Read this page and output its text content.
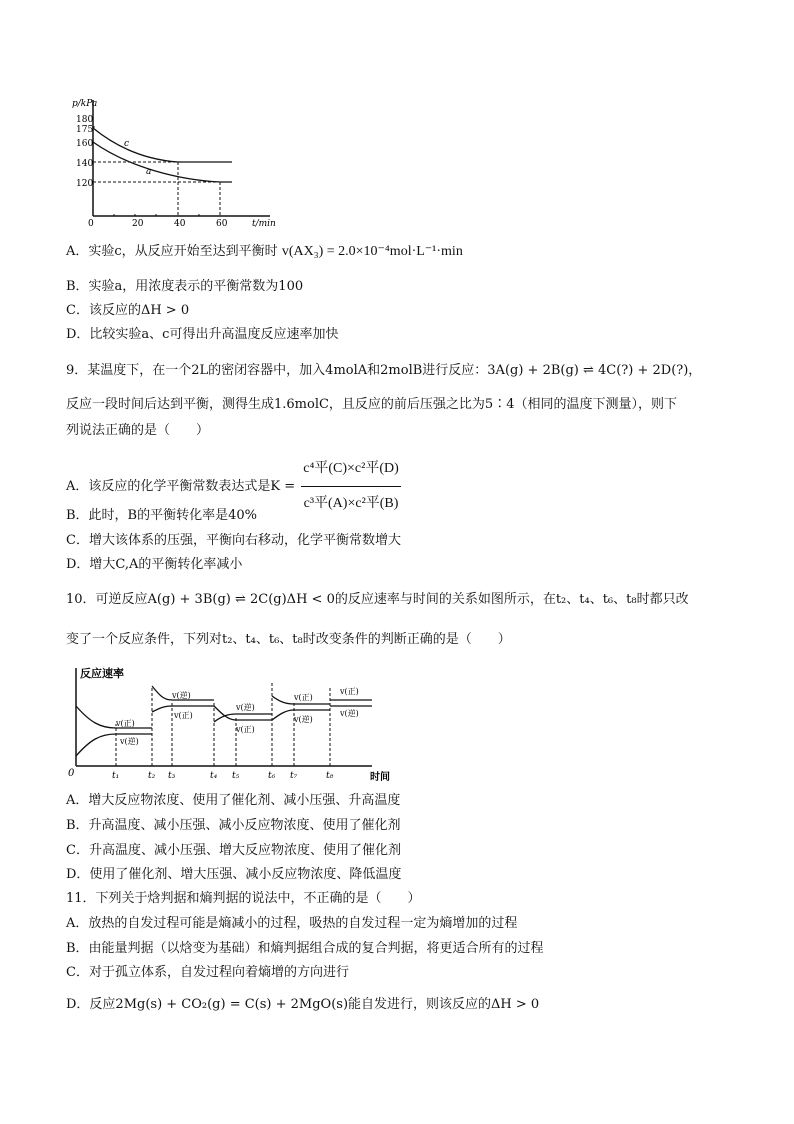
p/kPa
t/min
180
175
160
140
120
0	20	40	60
c
a
A．实验c，从反应开始至达到平衡时 v(AX₃) = 2.0×10⁻⁴mol·L⁻¹·min
B．实验a，用浓度表示的平衡常数为100
C．该反应的ΔH > 0
D．比较实验a、c可得出升高温度反应速率加快
9．某温度下，在一个2L的密闭容器中，加入4molA和2molB进行反应：3A(g) + 2B(g) ⇌ 4C(?) + 2D(?)，
反应一段时间后达到平衡，测得生成1.6molC，且反应的前后压强之比为5∶4（相同的温度下测量），则下
列说法正确的是（　　）
A．该反应的化学平衡常数表达式是$K = \frac{\text{c⁴平(C)×c²平(D)}}{\text{c³平(A)×c²平(B)}}$
B．此时，B的平衡转化率是40%
C．增大该体系的压强，平衡向右移动，化学平衡常数增大
D．增大C,A的平衡转化率减小
10．可逆反应A(g) + 3B(g) ⇌ 2C(g)ΔH < 0的反应速率与时间的关系如图所示，在t₂、t₄、t₆、t₈时都只改
变了一个反应条件，下列对t₂、t₄、t₆、t₈时改变条件的判断正确的是（　　）
反应速率
时间
0
v(正)
v(逆)
v(逆)
v(正)
v(逆)
v(正)
v(正)
v(逆)
v(正)
v(逆)
t₁	t₂ t₃	t₄ t₅	t₆ t₇	t₈
A．增大反应物浓度、使用了催化剂、减小压强、升高温度
B．升高温度、减小压强、减小反应物浓度、使用了催化剂
C．升高温度、减小压强、增大反应物浓度、使用了催化剂
D．使用了催化剂、增大压强、减小反应物浓度、降低温度
11．下列关于焓判据和熵判据的说法中，不正确的是（　　）
A．放热的自发过程可能是熵减小的过程，吸热的自发过程一定为熵增加的过程
B．由能量判据（以焓变为基础）和熵判据组合成的复合判据，将更适合所有的过程
C．对于孤立体系，自发过程向着熵增的方向进行
D．反应2Mg(s) + CO₂(g) = C(s) + 2MgO(s)能自发进行，则该反应的ΔH > 0
